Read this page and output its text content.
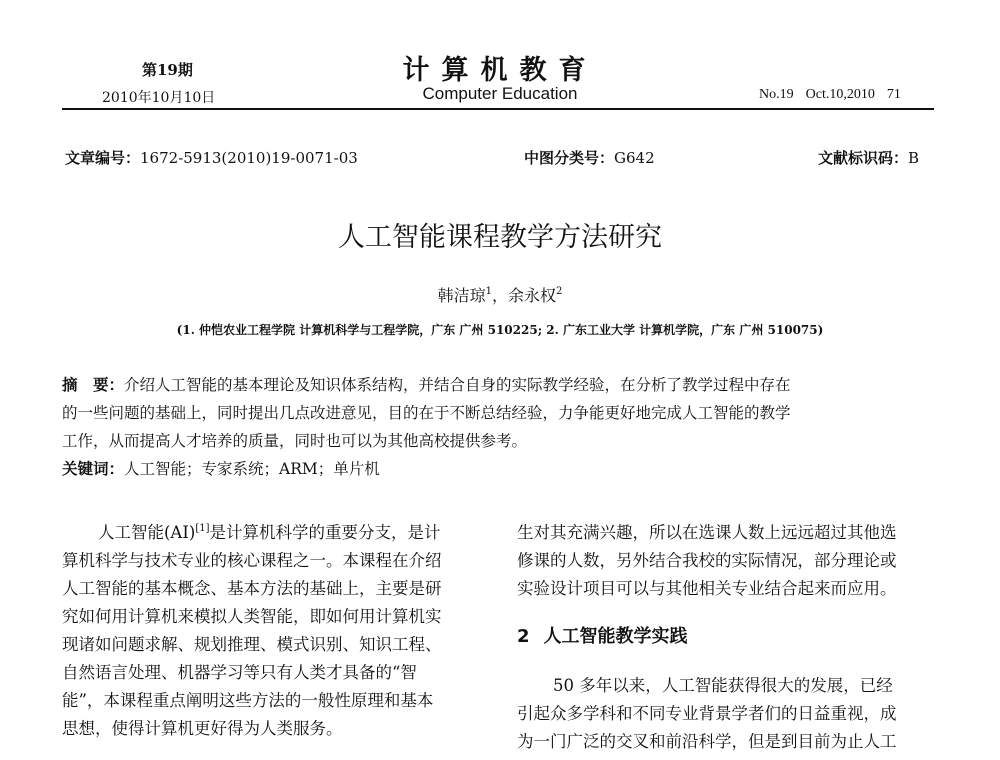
第19期
2010年10月10日
计算机教育
Computer Education	No.19 Oct.10,2010 71
文章编号：1672-5913(2010)19-0071-03	中图分类号：G642	文献标识码：B
人工智能课程教学方法研究
韩洁琼$^1$，余永权$^2$
(1. 仲恺农业工程学院 计算机科学与工程学院，广东 广州 510225; 2. 广东工业大学 计算机学院，广东 广州 510075)
摘　要：介绍人工智能的基本理论及知识体系结构，并结合自身的实际教学经验，在分析了教学过程中存在
的一些问题的基础上，同时提出几点改进意见，目的在于不断总结经验，力争能更好地完成人工智能的教学
工作，从而提高人才培养的质量，同时也可以为其他高校提供参考。
关键词：人工智能；专家系统；ARM；单片机
人工智能(AI)[1]是计算机科学的重要分支，是计
算机科学与技术专业的核心课程之一。本课程在介绍
人工智能的基本概念、基本方法的基础上，主要是研
究如何用计算机来模拟人类智能，即如何用计算机实
现诸如问题求解、规划推理、模式识别、知识工程、
自然语言处理、机器学习等只有人类才具备的“智
能”，本课程重点阐明这些方法的一般性原理和基本
思想，使得计算机更好得为人类服务。
生对其充满兴趣，所以在选课人数上远远超过其他选
修课的人数，另外结合我校的实际情况，部分理论或
实验设计项目可以与其他相关专业结合起来而应用。
2 人工智能教学实践
50 多年以来，人工智能获得很大的发展，已经
引起众多学科和不同专业背景学者们的日益重视，成
为一门广泛的交叉和前沿科学，但是到目前为止人工
